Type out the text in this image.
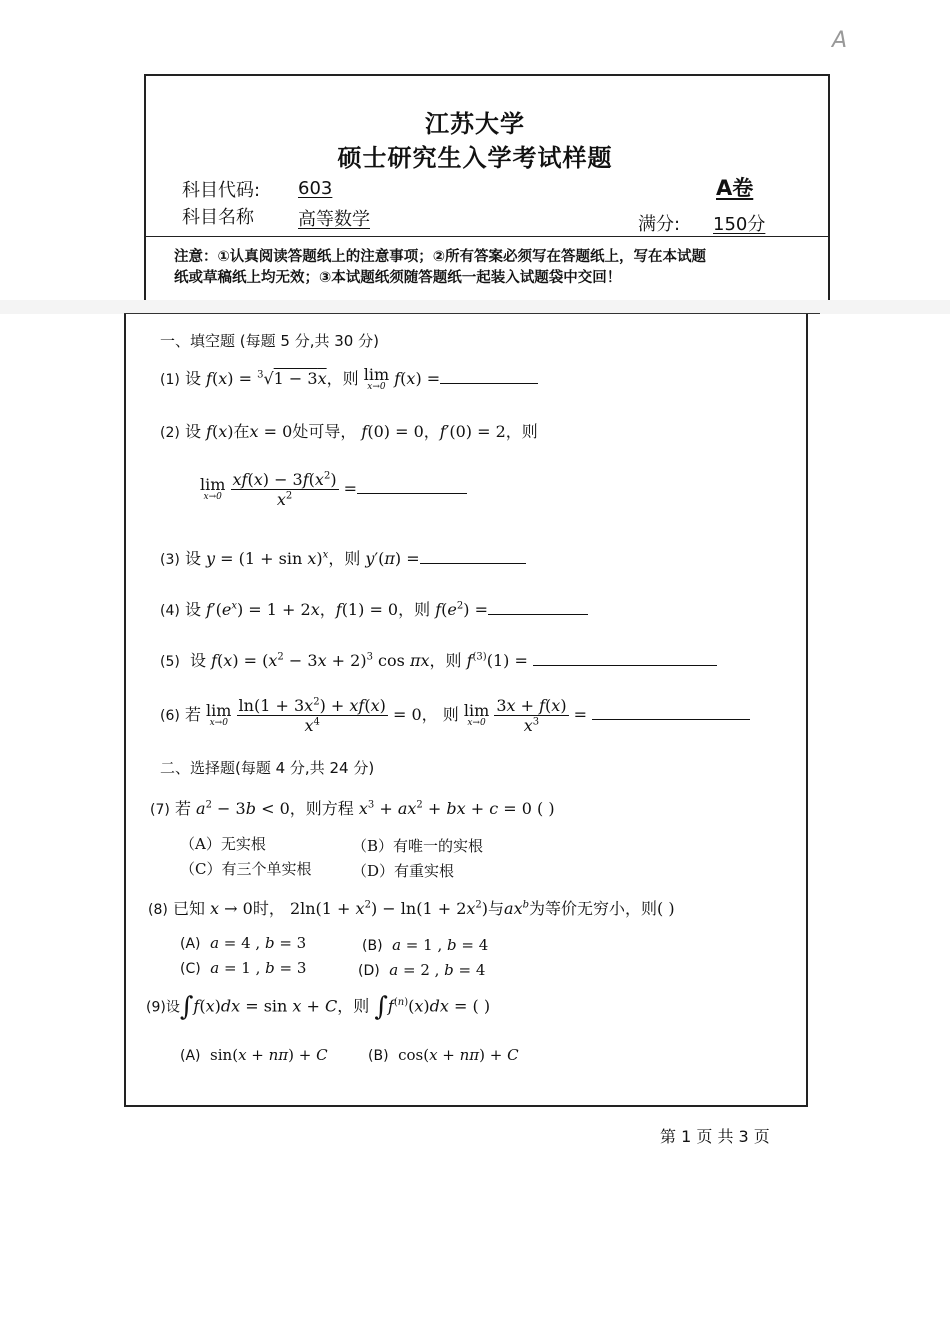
A
江苏大学
硕士研究生入学考试样题
科目代码: 603
科目名称 高等数学
A卷
满分: 150分
注意：①认真阅读答题纸上的注意事项；②所有答案必须写在答题纸上，写在本试题
纸或草稿纸上均无效；③本试题纸须随答题纸一起装入试题袋中交回！
一、填空题 (每题 5 分,共 30 分)
(1) 设 f(x) = $^3$√1 − 3x，则 lim
x→0 f(x) =
(2) 设 f(x)在x = 0处可导， f(0) = 0，f′(0) = 2，则
lim
x→0
$\frac{xf(x) - 3f(x^2)}{x^2}$ =
(3) 设 $y = (1 + \sin x)^x$，则 y′(π) =
(4) 设 $f'(e^x) = 1 + 2x$，f(1) = 0，则 $f(e^2)$ =
(5) 设 $f(x) = (x^2 - 3x + 2)^3$ cos πx，则 $f^{(3)}(1)$ =
(6) 若 lim
x→0
$\frac{\ln(1 + 3x^2) + xf(x)}{x^4} = 0$， 则 lim
x→0
$\frac{3x + f(x)}{x^3}$ =
二、选择题(每题 4 分,共 24 分)
(7) 若 $a^2 - 3b < 0$，则方程 $x^3 + ax^2$ + bx + c = 0 ( )
（A）无实根	（B）有唯一的实根
（C）有三个单实根	（D）有重实根
(8) 已知 x → 0时， $2\ln(1 + x^2) - \ln(1 + 2x^2)$与$ax^b$为等价无穷小，则( )
(A) a = 4 , b = 3	(B) a = 1 , b = 4
(C) a = 1 , b = 3	(D) a = 2 , b = 4
(9)设∫f(x)dx = sin x + C，则 $\int f^{(n)}(x)dx$ = ( )
(A)  sin(x + nπ) + C	(B)  cos(x + nπ) + C
第 1 页 共 3 页
